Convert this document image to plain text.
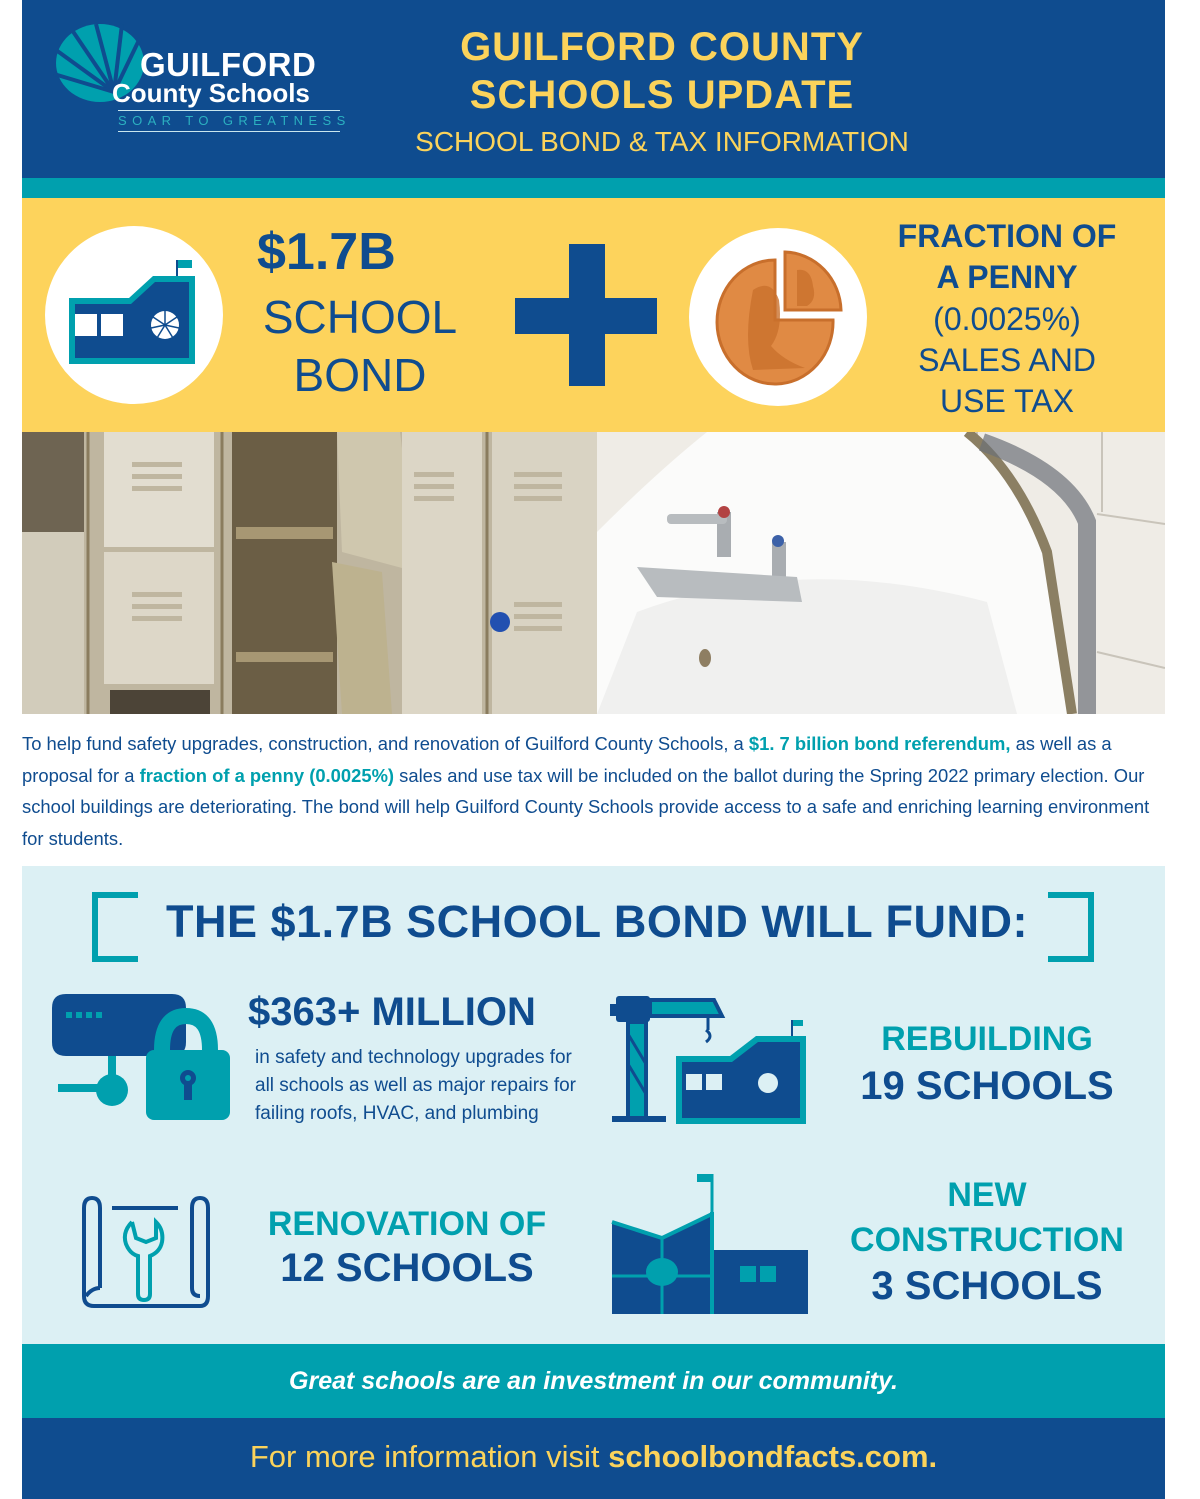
GUILFORD
County Schools
SOAR TO GREATNESS
GUILFORD COUNTY
SCHOOLS UPDATE
SCHOOL BOND & TAX INFORMATION
$1.7B
SCHOOL
BOND
FRACTION OF
A PENNY
(0.0025%)
SALES AND
USE TAX

To help fund safety upgrades, construction, and renovation of Guilford County Schools, a $1. 7 billion bond referendum, as well as a proposal for a fraction of a penny (0.0025%) sales and use tax will be included on the ballot during the Spring 2022 primary election. Our school buildings are deteriorating. The bond will help Guilford County Schools provide access to a safe and enriching learning environment for students.

THE $1.7B SCHOOL BOND WILL FUND:
$363+ MILLION
in safety and technology upgrades for all schools as well as major repairs for failing roofs, HVAC, and plumbing
REBUILDING
19 SCHOOLS
RENOVATION OF
12 SCHOOLS
NEW
CONSTRUCTION
3 SCHOOLS
Great schools are an investment in our community.
For more information visit schoolbondfacts.com.
